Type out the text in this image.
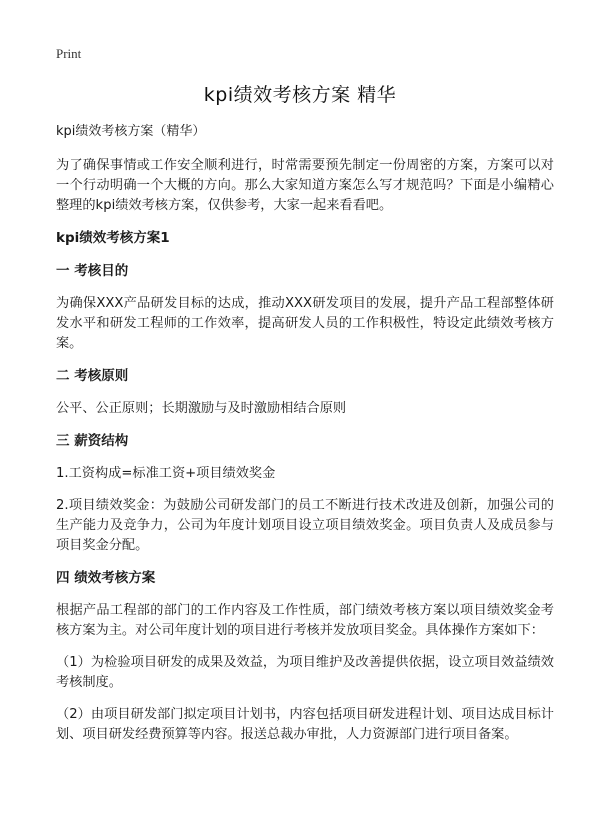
Print
kpi绩效考核方案 精华
kpi绩效考核方案（精华）

为了确保事情或工作安全顺利进行，时常需要预先制定一份周密的方案，方案可以对一个行动明确一个大概的方向。那么大家知道方案怎么写才规范吗？下面是小编精心整理的kpi绩效考核方案，仅供参考，大家一起来看看吧。

kpi绩效考核方案1
一 考核目的

为确保XXX产品研发目标的达成，推动XXX研发项目的发展，提升产品工程部整体研发水平和研发工程师的工作效率，提高研发人员的工作积极性，特设定此绩效考核方案。

二 考核原则

公平、公正原则；长期激励与及时激励相结合原则

三 薪资结构

1.工资构成=标准工资+项目绩效奖金

2.项目绩效奖金：为鼓励公司研发部门的员工不断进行技术改进及创新，加强公司的生产能力及竞争力，公司为年度计划项目设立项目绩效奖金。项目负责人及成员参与项目奖金分配。

四 绩效考核方案

根据产品工程部的部门的工作内容及工作性质，部门绩效考核方案以项目绩效奖金考核方案为主。对公司年度计划的项目进行考核并发放项目奖金。具体操作方案如下：

（1）为检验项目研发的成果及效益，为项目维护及改善提供依据，设立项目效益绩效考核制度。

（2）由项目研发部门拟定项目计划书，内容包括项目研发进程计划、项目达成目标计划、项目研发经费预算等内容。报送总裁办审批，人力资源部门进行项目备案。
